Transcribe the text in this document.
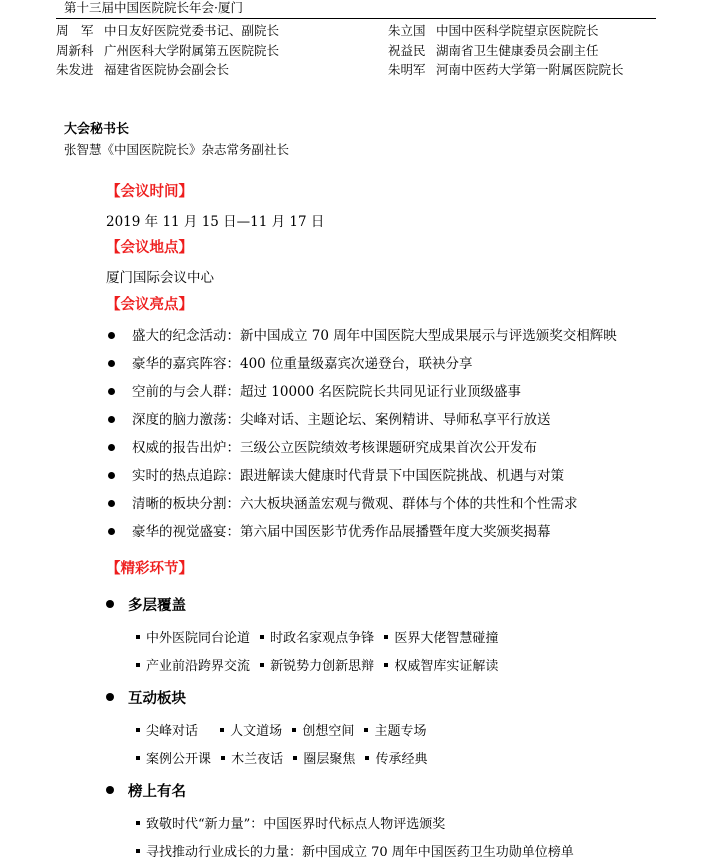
第十三届中国医院院长年会·厦门
周　军 中日友好医院党委书记、副院长	朱立国 中国中医科学院望京医院院长
周新科 广州医科大学附属第五医院院长	祝益民 湖南省卫生健康委员会副主任
朱发进 福建省医院协会副会长	朱明军 河南中医药大学第一附属医院院长
大会秘书长
张智慧《中国医院院长》杂志常务副社长
【会议时间】
2019 年 11 月 15 日—11 月 17 日
【会议地点】
厦门国际会议中心
【会议亮点】
盛大的纪念活动：新中国成立 70 周年中国医院大型成果展示与评选颁奖交相辉映
豪华的嘉宾阵容：400 位重量级嘉宾次递登台，联袂分享
空前的与会人群：超过 10000 名医院院长共同见证行业顶级盛事
深度的脑力激荡：尖峰对话、主题论坛、案例精讲、导师私享平行放送
权威的报告出炉：三级公立医院绩效考核课题研究成果首次公开发布
实时的热点追踪：跟进解读大健康时代背景下中国医院挑战、机遇与对策
清晰的板块分割：六大板块涵盖宏观与微观、群体与个体的共性和个性需求
豪华的视觉盛宴：第六届中国医影节优秀作品展播暨年度大奖颁奖揭幕
【精彩环节】
多层覆盖
中外医院同台论道 时政名家观点争锋 医界大佬智慧碰撞
产业前沿跨界交流 新锐势力创新思辩 权威智库实证解读
互动板块
尖峰对话 人文道场 创想空间 主题专场
案例公开课 木兰夜话 圈层聚焦 传承经典
榜上有名
致敬时代“新力量”：中国医界时代标点人物评选颁奖
寻找推动行业成长的力量：新中国成立 70 周年中国医药卫生功勋单位榜单
